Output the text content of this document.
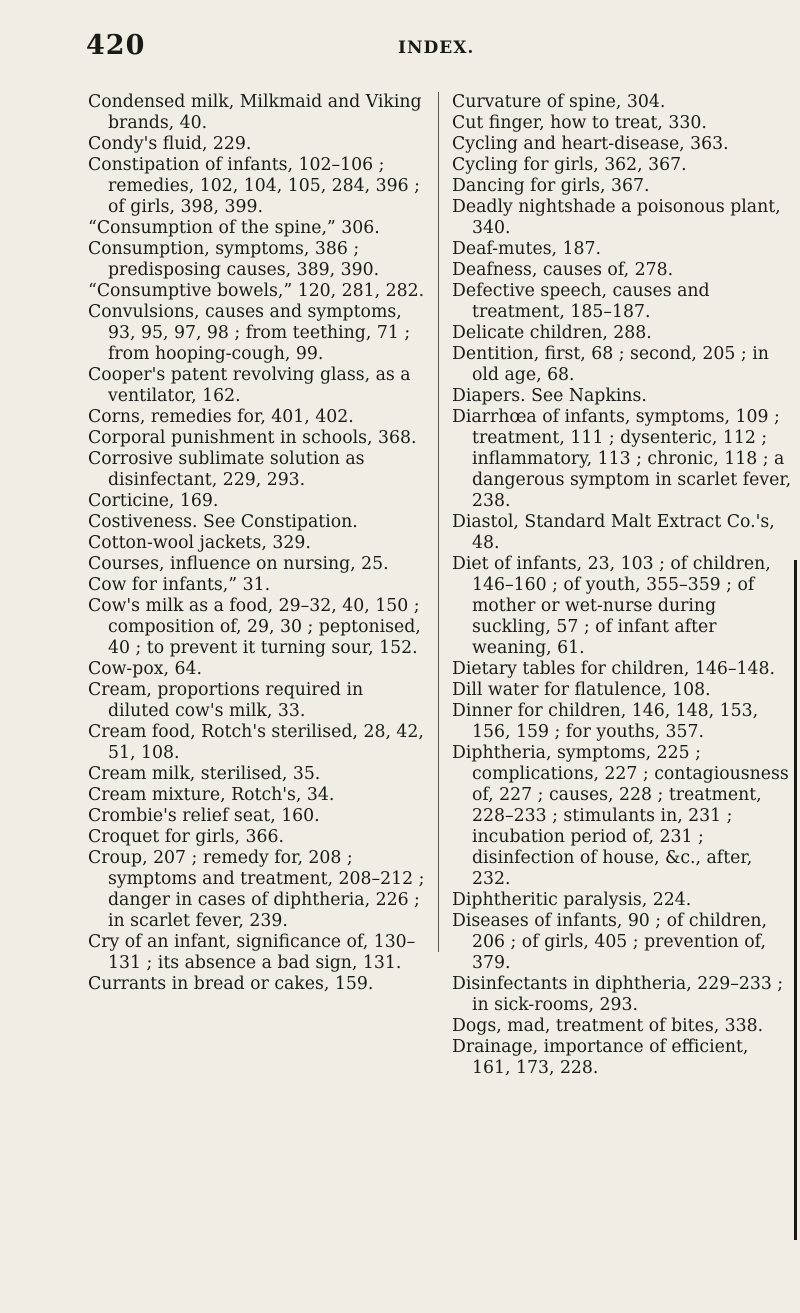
420	INDEX.

Condensed milk, Milkmaid and Viking brands, 40.

Condy's fluid, 229.

Constipation of infants, 102–106 ; remedies, 102, 104, 105, 284, 396 ; of girls, 398, 399.

“Consumption of the spine,” 306.

Consumption, symptoms, 386 ; predisposing causes, 389, 390.

“Consumptive bowels,” 120, 281, 282.

Convulsions, causes and symptoms, 93, 95, 97, 98 ; from teething, 71 ; from hooping-cough, 99.

Cooper's patent revolving glass, as a ventilator, 162.

Corns, remedies for, 401, 402.

Corporal punishment in schools, 368.

Corrosive sublimate solution as disinfectant, 229, 293.

Corticine, 169.

Costiveness. See Constipation.

Cotton-wool jackets, 329.

Courses, influence on nursing, 25.

Cow for infants,” 31.

Cow's milk as a food, 29–32, 40, 150 ; composition of, 29, 30 ; peptonised, 40 ; to prevent it turning sour, 152.

Cow-pox, 64.

Cream, proportions required in diluted cow's milk, 33.

Cream food, Rotch's sterilised, 28, 42, 51, 108.

Cream milk, sterilised, 35.

Cream mixture, Rotch's, 34.

Crombie's relief seat, 160.

Croquet for girls, 366.

Croup, 207 ; remedy for, 208 ; symptoms and treatment, 208–212 ; danger in cases of diphtheria, 226 ; in scarlet fever, 239.

Cry of an infant, significance of, 130–131 ; its absence a bad sign, 131.

Currants in bread or cakes, 159.

Curvature of spine, 304.

Cut finger, how to treat, 330.

Cycling and heart-disease, 363.

Cycling for girls, 362, 367.

Dancing for girls, 367.

Deadly nightshade a poisonous plant, 340.

Deaf-mutes, 187.

Deafness, causes of, 278.

Defective speech, causes and treatment, 185–187.

Delicate children, 288.

Dentition, first, 68 ; second, 205 ; in old age, 68.

Diapers. See Napkins.

Diarrhœa of infants, symptoms, 109 ; treatment, 111 ; dysenteric, 112 ; inflammatory, 113 ; chronic, 118 ; a dangerous symptom in scarlet fever, 238.

Diastol, Standard Malt Extract Co.'s, 48.

Diet of infants, 23, 103 ; of children, 146–160 ; of youth, 355–359 ; of mother or wet-nurse during suckling, 57 ; of infant after weaning, 61.

Dietary tables for children, 146–148.

Dill water for flatulence, 108.

Dinner for children, 146, 148, 153, 156, 159 ; for youths, 357.

Diphtheria, symptoms, 225 ; complications, 227 ; contagiousness of, 227 ; causes, 228 ; treatment, 228–233 ; stimulants in, 231 ; incubation period of, 231 ; disinfection of house, &c., after, 232.

Diphtheritic paralysis, 224.

Diseases of infants, 90 ; of children, 206 ; of girls, 405 ; prevention of, 379.

Disinfectants in diphtheria, 229–233 ; in sick-rooms, 293.

Dogs, mad, treatment of bites, 338.

Drainage, importance of efficient, 161, 173, 228.
